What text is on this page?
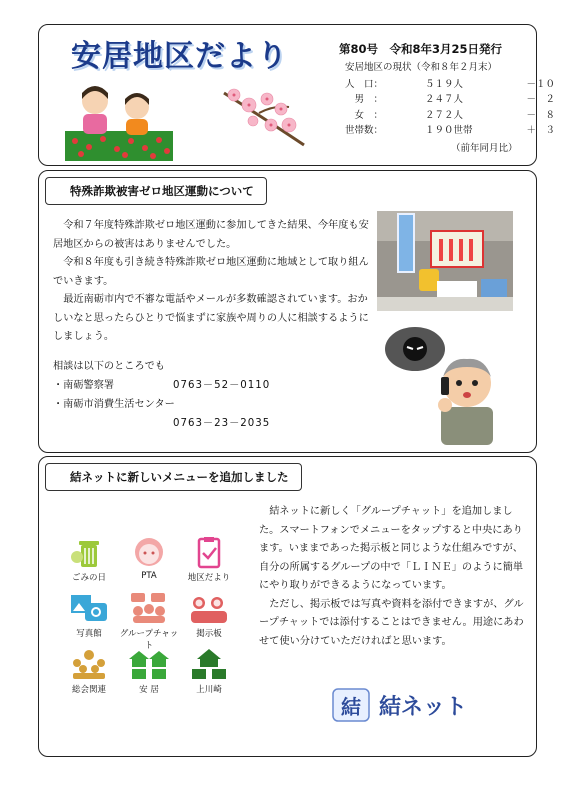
安居地区だより	第80号　令和8年3月25日発行
安居地区の現状（令和８年２月末）
人　口：	５１９人	－１０
　男　：	２４７人	－　２
　女　：	２７２人	－　８
世帯数：	１９０世帯	＋　３
（前年同月比）
特殊詐欺被害ゼロ地区運動について

令和７年度特殊詐欺ゼロ地区運動に参加してきた結果、今年度も安居地区からの被害はありませんでした。

令和８年度も引き続き特殊詐欺ゼロ地区運動に地域として取り組んでいきます。

最近南砺市内で不審な電話やメールが多数確認されています。おかしいなと思ったらひとりで悩まずに家族や周りの人に相談するようにしましょう。

相談は以下のところでも
・南砺警察署	0763－52－0110
・南砺市消費生活センター
0763－23－2035
結ネットに新しいメニューを追加しました
ごみの日	PTA	地区だより
写真館	グループチャット
掲示板
総会関連	安 居	上川崎

結ネットに新しく「グループチャット」を追加しました。スマートフォンでメニューをタップすると中央にあります。いままであった掲示板と同じような仕組みですが、自分の所属するグループの中で「ＬＩＮＥ」のように簡単にやり取りができるようになっています。

ただし、掲示板では写真や資料を添付できますが、グループチャットでは添付することはできません。用途にあわせて使い分けていただければと思います。

結 結ネット
